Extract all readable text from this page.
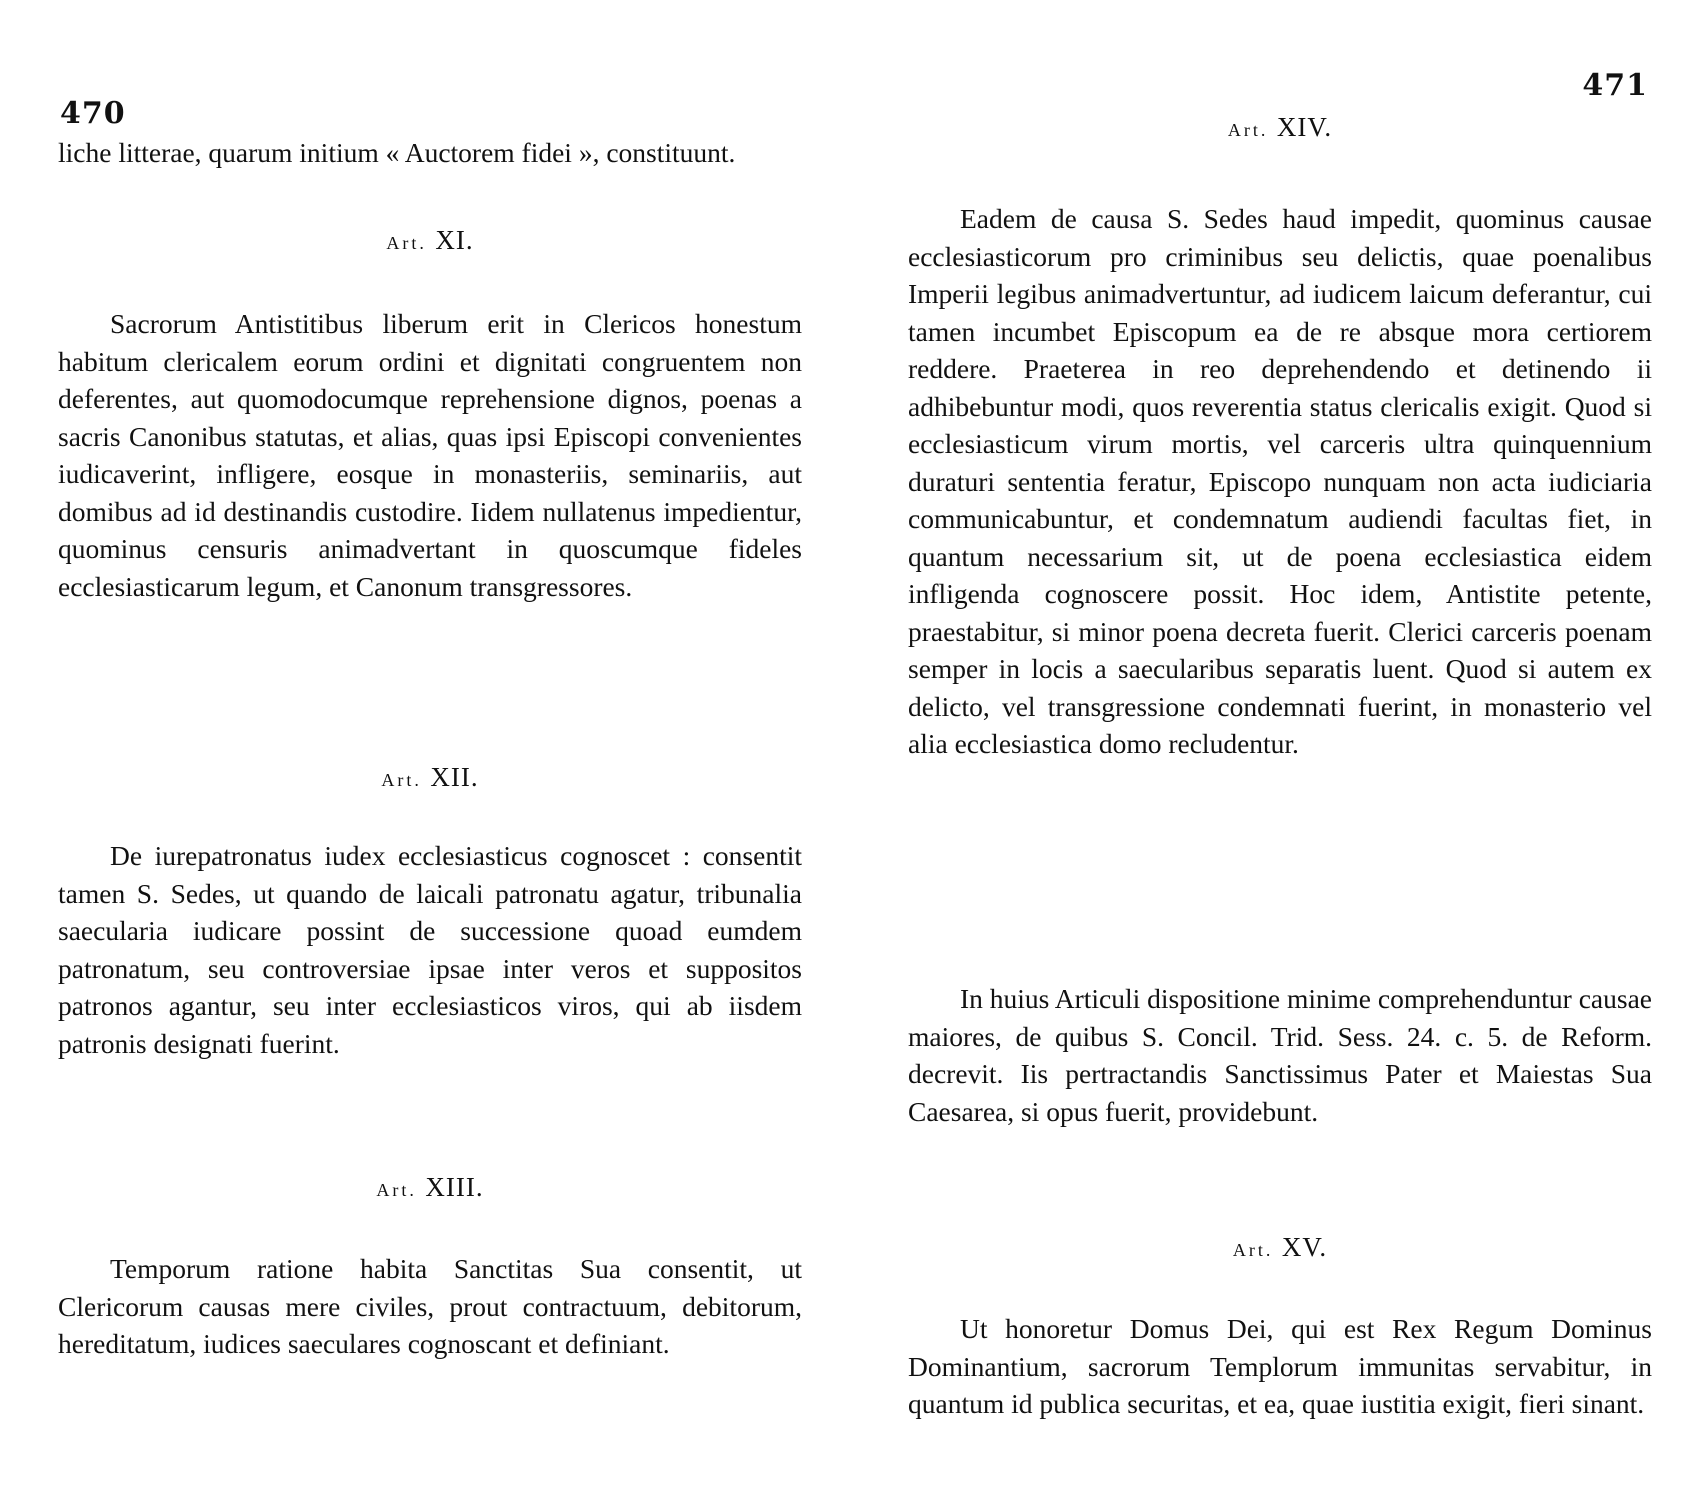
470
liche litterae, quarum initium « Auctorem fidei », constituunt.
Art. XI.
Sacrorum Antistitibus liberum erit in Clericos honestum habitum clericalem eorum ordini et dignitati congruentem non deferentes, aut quomodocumque reprehensione dignos, poenas a sacris Canonibus statutas, et alias, quas ipsi Episcopi convenientes iudicaverint, infligere, eosque in monasteriis, seminariis, aut domibus ad id destinandis custodire. Iidem nullatenus impedientur, quominus censuris animadvertant in quoscumque fideles ecclesiasticarum legum, et Canonum transgressores.
Art. XII.
De iurepatronatus iudex ecclesiasticus cognoscet : consentit tamen S. Sedes, ut quando de laicali patronatu agatur, tribunalia saecularia iudicare possint de successione quoad eumdem patronatum, seu controversiae ipsae inter veros et suppositos patronos agantur, seu inter ecclesiasticos viros, qui ab iisdem patronis designati fuerint.
Art. XIII.
Temporum ratione habita Sanctitas Sua consentit, ut Clericorum causas mere civiles, prout contractuum, debitorum, hereditatum, iudices saeculares cognoscant et definiant.
471
Art. XIV.
Eadem de causa S. Sedes haud impedit, quominus causae ecclesiasticorum pro criminibus seu delictis, quae poenalibus Imperii legibus animadvertuntur, ad iudicem laicum deferantur, cui tamen incumbet Episcopum ea de re absque mora certiorem reddere. Praeterea in reo deprehendendo et detinendo ii adhibebuntur modi, quos reverentia status clericalis exigit. Quod si ecclesiasticum virum mortis, vel carceris ultra quinquennium duraturi sententia feratur, Episcopo nunquam non acta iudiciaria communicabuntur, et condemnatum audiendi facultas fiet, in quantum necessarium sit, ut de poena ecclesiastica eidem infligenda cognoscere possit. Hoc idem, Antistite petente, praestabitur, si minor poena decreta fuerit. Clerici carceris poenam semper in locis a saecularibus separatis luent. Quod si autem ex delicto, vel transgressione condemnati fuerint, in monasterio vel alia ecclesiastica domo recludentur.
In huius Articuli dispositione minime comprehenduntur causae maiores, de quibus S. Concil. Trid. Sess. 24. c. 5. de Reform. decrevit. Iis pertractandis Sanctissimus Pater et Maiestas Sua Caesarea, si opus fuerit, providebunt.
Art. XV.
Ut honoretur Domus Dei, qui est Rex Regum Dominus Dominantium, sacrorum Templorum immunitas servabitur, in quantum id publica securitas, et ea, quae iustitia exigit, fieri sinant.
